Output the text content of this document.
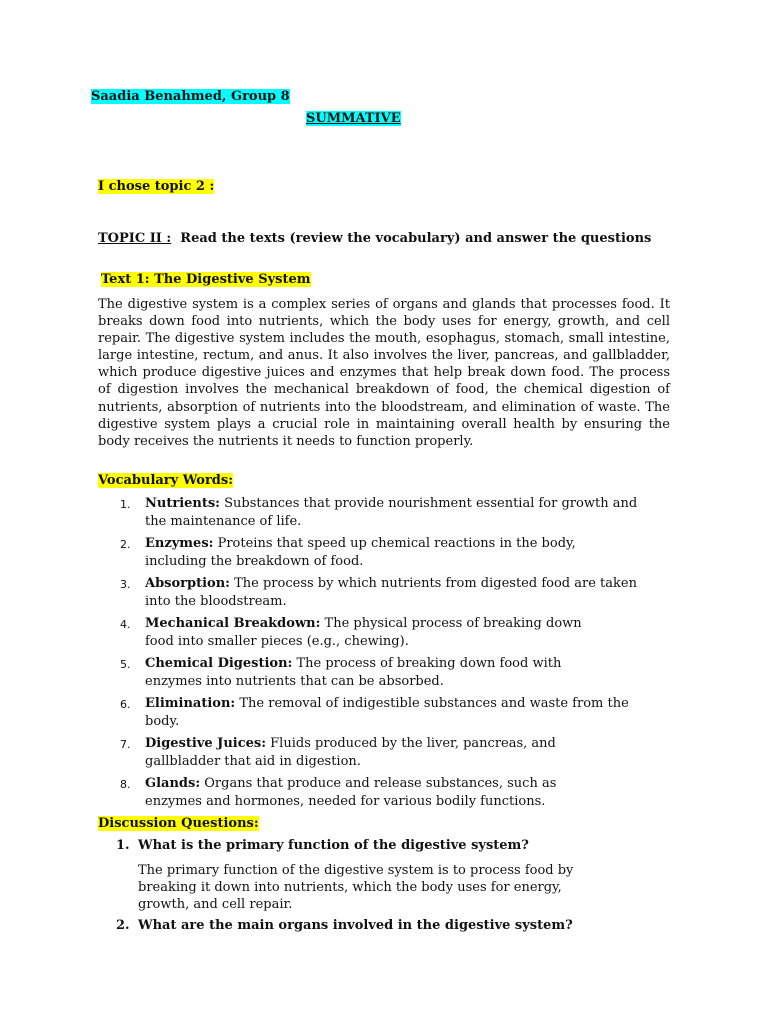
Saadia Benahmed, Group 8
SUMMATIVE
I chose topic 2 :
TOPIC II :  Read the texts (review the vocabulary) and answer the questions
Text 1: The Digestive System

The digestive system is a complex series of organs and glands that processes food. It breaks down food into nutrients, which the body uses for energy, growth, and cell repair. The digestive system includes the mouth, esophagus, stomach, small intestine, large intestine, rectum, and anus. It also involves the liver, pancreas, and gallbladder, which produce digestive juices and enzymes that help break down food. The process of digestion involves the mechanical breakdown of food, the chemical digestion of nutrients, absorption of nutrients into the bloodstream, and elimination of waste. The digestive system plays a crucial role in maintaining overall health by ensuring the body receives the nutrients it needs to function properly.

Vocabulary Words:
1. Nutrients: Substances that provide nourishment essential for growth and
the maintenance of life.
2. Enzymes: Proteins that speed up chemical reactions in the body,
including the breakdown of food.
3. Absorption: The process by which nutrients from digested food are taken
into the bloodstream.
4. Mechanical Breakdown: The physical process of breaking down
food into smaller pieces (e.g., chewing).
5. Chemical Digestion: The process of breaking down food with
enzymes into nutrients that can be absorbed.
6. Elimination: The removal of indigestible substances and waste from the
body.
7. Digestive Juices: Fluids produced by the liver, pancreas, and
gallbladder that aid in digestion.
8. Glands: Organs that produce and release substances, such as
enzymes and hormones, needed for various bodily functions.
Discussion Questions:
1. What is the primary function of the digestive system?
The primary function of the digestive system is to process food by
breaking it down into nutrients, which the body uses for energy,
growth, and cell repair.
2. What are the main organs involved in the digestive system?
